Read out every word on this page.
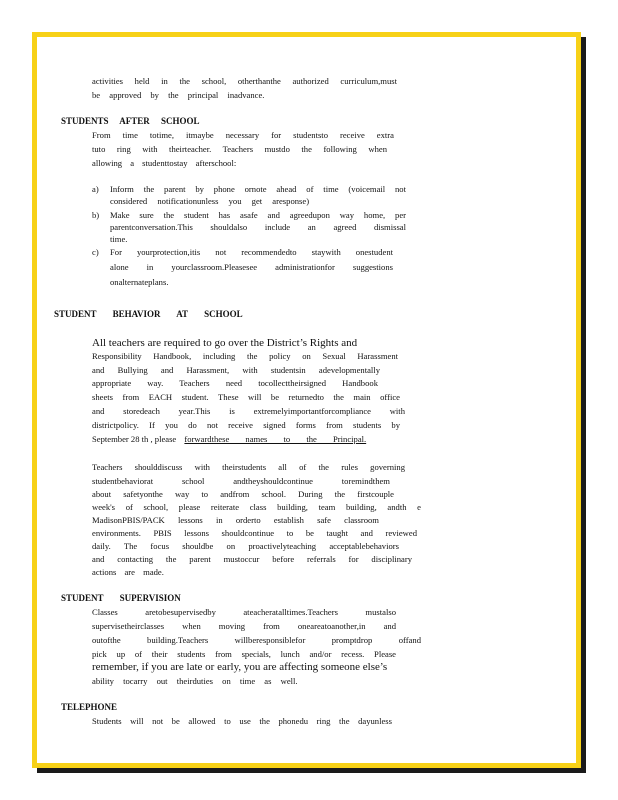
activities held in the school, otherthanthe authorized curriculum,must
be approved by the principal inadvance.
STUDENTS AFTER SCHOOL
From time totime, itmaybe necessary for studentsto receive extra
tuto ring with theirteacher. Teachers mustdo the following when
allowing a studenttostay afterschool:
a) Inform the parent by phone ornote ahead of time (voicemail not
considered notificationunless you get aresponse)
b) Make sure the student has asafe and agreedupon way home, per
parentconversation.This shouldalso include an agreed dismissal
time.
c) For yourprotection,itis not recommendedto staywith onestudent
alone in yourclassroom.Pleasesee administrationfor suggestions
onalternateplans.
STUDENT BEHAVIOR AT SCHOOL
All teachers are required to go over the District’s Rights and
Responsibility Handbook, including the policy on Sexual Harassment
and Bullying and Harassment, with studentsin adevelopmentally
appropriate way. Teachers need tocollecttheirsigned Handbook
sheets from EACH student. These will be returnedto the main office
and storedeach year.This is extremelyimportantforcompliance with
districtpolicy. If you do not receive signed forms from students by
September 28 th , please forwardthese names to the Principal.
Teachers shoulddiscuss with theirstudents all of the rules governing
studentbehaviorat school andtheyshouldcontinue toremindthem
about safetyonthe way to andfrom school. During the firstcouple
week's of school, please reiterate class building, team building, andth e
MadisonPBIS/PACK lessons in orderto establish safe classroom
environments. PBIS lessons shouldcontinue to be taught and reviewed
daily. The focus shouldbe on proactivelyteaching acceptablebehaviors
and contacting the parent mustoccur before referrals for disciplinary
actions are made.
STUDENT SUPERVISION
Classes aretobesupervisedby ateacheratalltimes.Teachers mustalso
supervisetheirclasses when moving from oneareatoanother,in and
outofthe building.Teachers willberesponsiblefor promptdrop offand
pick up of their students from specials, lunch and/or recess. Please
remember, if you are late or early, you are affecting someone else’s
ability tocarry out theirduties on time as well.
TELEPHONE
Students will not be allowed to use the phonedu ring the dayunless
